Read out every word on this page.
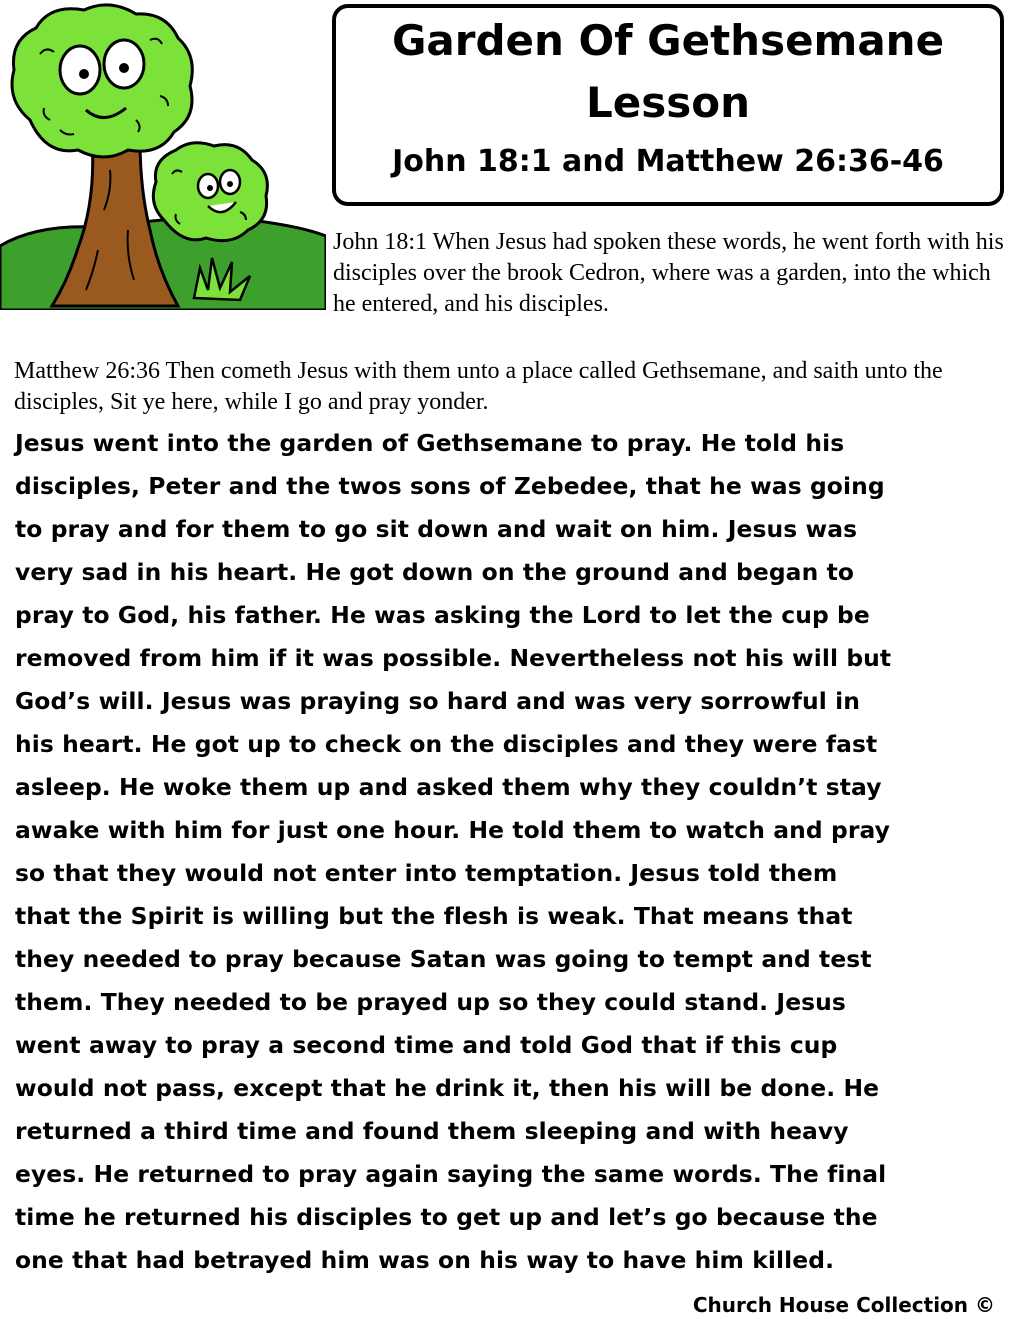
Garden Of Gethsemane
Lesson
John 18:1 and Matthew 26:36-46
John 18:1 When Jesus had spoken these words, he went forth with his disciples over the brook Cedron, where was a garden, into the which he entered, and his disciples.
Matthew 26:36 Then cometh Jesus with them unto a place called Gethsemane, and saith unto the disciples, Sit ye here, while I go and pray yonder.
Jesus went into the garden of Gethsemane to pray. He told his
disciples, Peter and the twos sons of Zebedee, that he was going
to pray and for them to go sit down and wait on him. Jesus was
very sad in his heart. He got down on the ground and began to
pray to God, his father. He was asking the Lord to let the cup be
removed from him if it was possible. Nevertheless not his will but
God’s will. Jesus was praying so hard and was very sorrowful in
his heart. He got up to check on the disciples and they were fast
asleep. He woke them up and asked them why they couldn’t stay
awake with him for just one hour. He told them to watch and pray
so that they would not enter into temptation. Jesus told them
that the Spirit is willing but the flesh is weak. That means that
they needed to pray because Satan was going to tempt and test
them. They needed to be prayed up so they could stand. Jesus
went away to pray a second time and told God that if this cup
would not pass, except that he drink it, then his will be done. He
returned a third time and found them sleeping and with heavy
eyes. He returned to pray again saying the same words. The final
time he returned his disciples to get up and let’s go because the
one that had betrayed him was on his way to have him killed.
Church House Collection ©
